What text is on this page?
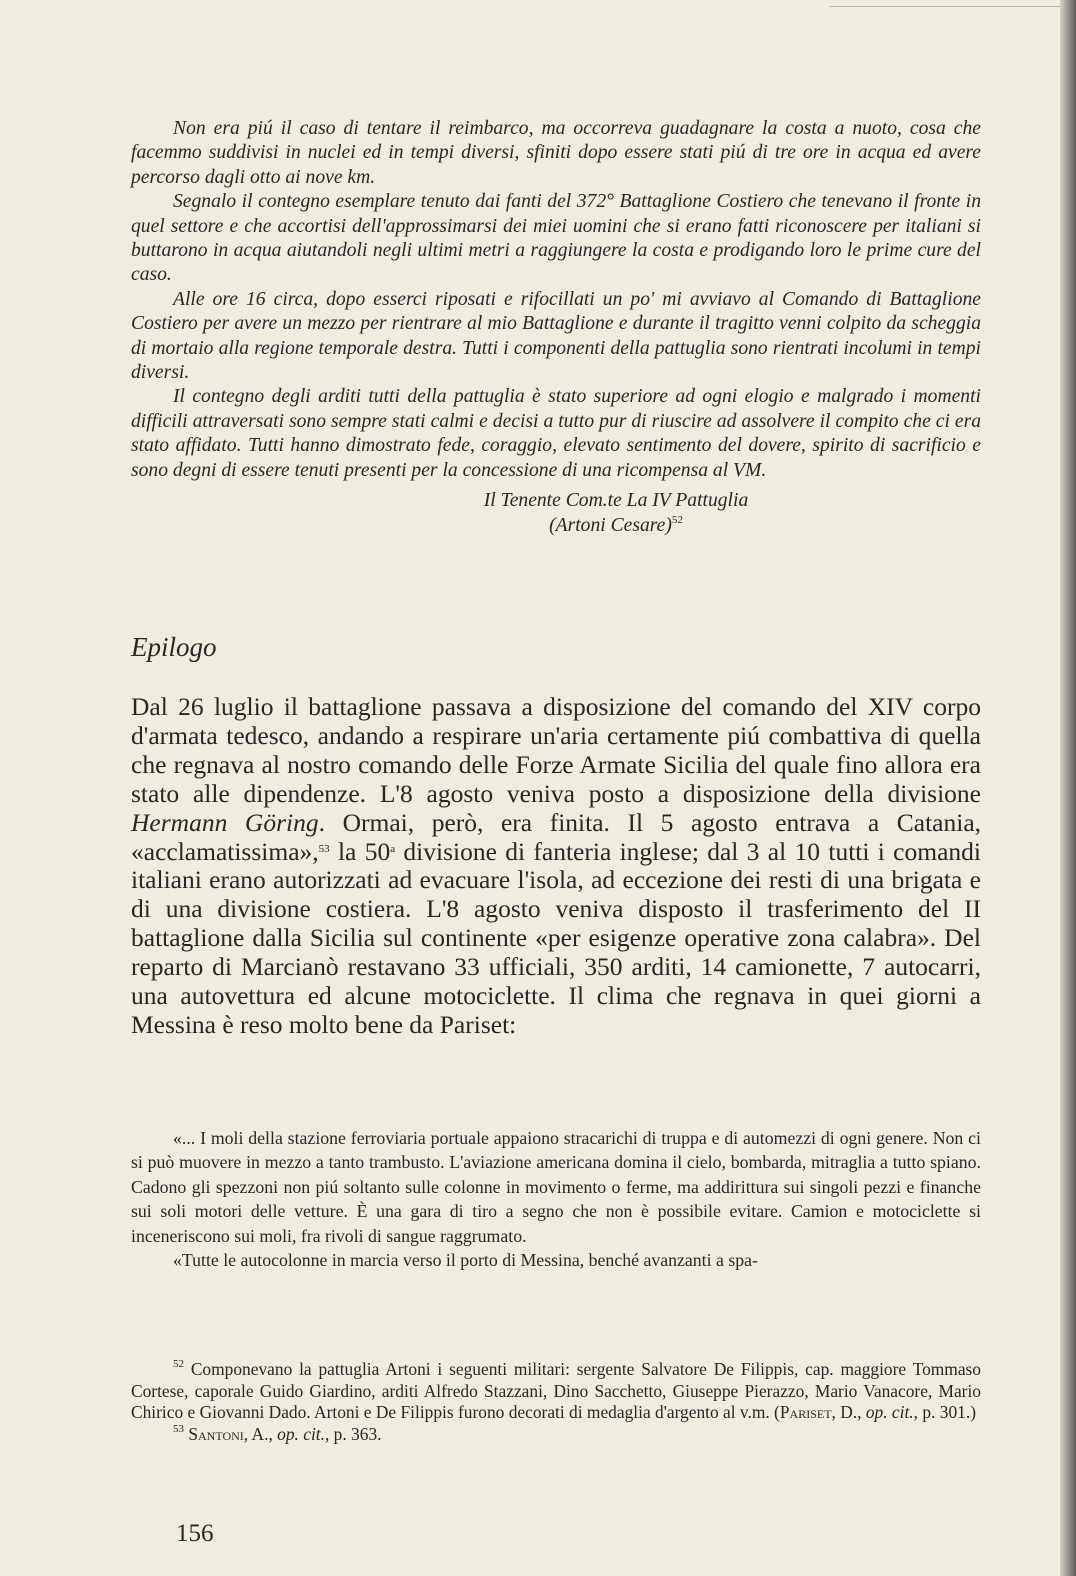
Non era piú il caso di tentare il reimbarco, ma occorreva guadagnare la costa a nuoto, cosa che facemmo suddivisi in nuclei ed in tempi diversi, sfiniti dopo essere stati piú di tre ore in acqua ed avere percorso dagli otto ai nove km.

Segnalo il contegno esemplare tenuto dai fanti del 372° Battaglione Costiero che tenevano il fronte in quel settore e che accortisi dell'approssimarsi dei miei uomini che si erano fatti riconoscere per italiani si buttarono in acqua aiutandoli negli ultimi metri a raggiungere la costa e prodigando loro le prime cure del caso.

Alle ore 16 circa, dopo esserci riposati e rifocillati un po' mi avviavo al Comando di Battaglione Costiero per avere un mezzo per rientrare al mio Battaglione e durante il tragitto venni colpito da scheggia di mortaio alla regione temporale destra. Tutti i componenti della pattuglia sono rientrati incolumi in tempi diversi.

Il contegno degli arditi tutti della pattuglia è stato superiore ad ogni elogio e malgrado i momenti difficili attraversati sono sempre stati calmi e decisi a tutto pur di riuscire ad assolvere il compito che ci era stato affidato. Tutti hanno dimostrato fede, coraggio, elevato sentimento del dovere, spirito di sacrificio e sono degni di essere tenuti presenti per la concessione di una ricompensa al VM.

Il Tenente Com.te La IV Pattuglia

(Artoni Cesare)$^{52}$

Epilogo

Dal 26 luglio il battaglione passava a disposizione del comando del XIV corpo d'armata tedesco, andando a respirare un'aria certamente piú combattiva di quella che regnava al nostro comando delle Forze Armate Sicilia del quale fino allora era stato alle dipendenze. L'8 agosto veniva posto a disposizione della divisione Hermann Göring. Ormai, però, era finita. Il 5 agosto entrava a Catania, «acclamatissima»,$^{53}$ la 50$^a$ divisione di fanteria inglese; dal 3 al 10 tutti i comandi italiani erano autorizzati ad evacuare l'isola, ad eccezione dei resti di una brigata e di una divisione costiera. L'8 agosto veniva disposto il trasferimento del II battaglione dalla Sicilia sul continente «per esigenze operative zona calabra». Del reparto di Marcianò restavano 33 ufficiali, 350 arditi, 14 camionette, 7 autocarri, una autovettura ed alcune motociclette. Il clima che regnava in quei giorni a Messina è reso molto bene da Pariset:

«... I moli della stazione ferroviaria portuale appaiono stracarichi di truppa e di automezzi di ogni genere. Non ci si può muovere in mezzo a tanto trambusto. L'aviazione americana domina il cielo, bombarda, mitraglia a tutto spiano. Cadono gli spezzoni non piú soltanto sulle colonne in movimento o ferme, ma addirittura sui singoli pezzi e finanche sui soli motori delle vetture. È una gara di tiro a segno che non è possibile evitare. Camion e motociclette si inceneriscono sui moli, fra rivoli di sangue raggrumato.

«Tutte le autocolonne in marcia verso il porto di Messina, benché avanzanti a spa-

$^{52}$ Componevano la pattuglia Artoni i seguenti militari: sergente Salvatore De Filippis, cap. maggiore Tommaso Cortese, caporale Guido Giardino, arditi Alfredo Stazzani, Dino Sacchetto, Giuseppe Pierazzo, Mario Vanacore, Mario Chirico e Giovanni Dado. Artoni e De Filippis furono decorati di medaglia d'argento al v.m. (Pariset, D., op. cit., p. 301.)

$^{53}$ Santoni, A., op. cit., p. 363.

156
